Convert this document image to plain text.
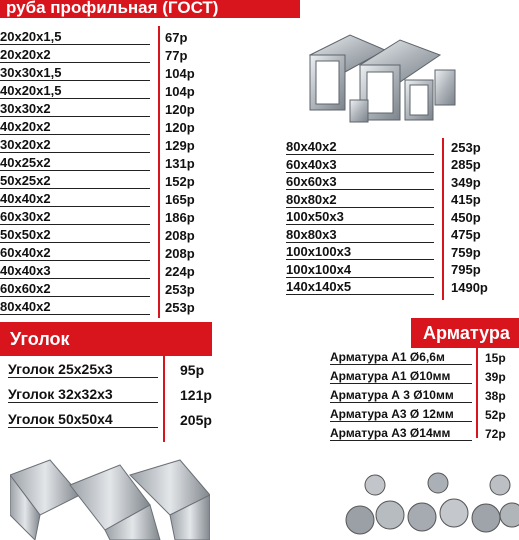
руба профильная (ГОСТ)
Уголок	Арматура
20x20x1,5	67р
20x20x2	77р
30x30x1,5	104р
40x20x1,5	104р
30x30x2	120р
40x20x2	120р
30x20x2	129р
40x25x2	131р
50x25x2	152р
40x40x2	165р
60x30x2	186р
50x50x2	208р
60x40x2	208р
40x40x3	224р
60x60x2	253р
80x40x2	253р
80x40x2	253р
60x40x3	285р
60x60x3	349р
80x80x2	415р
100x50x3	450р
80x80x3	475р
100x100x3	759р
100x100x4	795р
140x140x5	1490р
Уголок 25x25x3	95р
Уголок 32x32x3	121р
Уголок 50x50x4	205р
Арматура А1 Ø6,6м	15р
Арматура А1 Ø10мм	39р
Арматура А 3 Ø10мм	38р
Арматура А3 Ø 12мм	52р
Арматура А3 Ø14мм	72р
